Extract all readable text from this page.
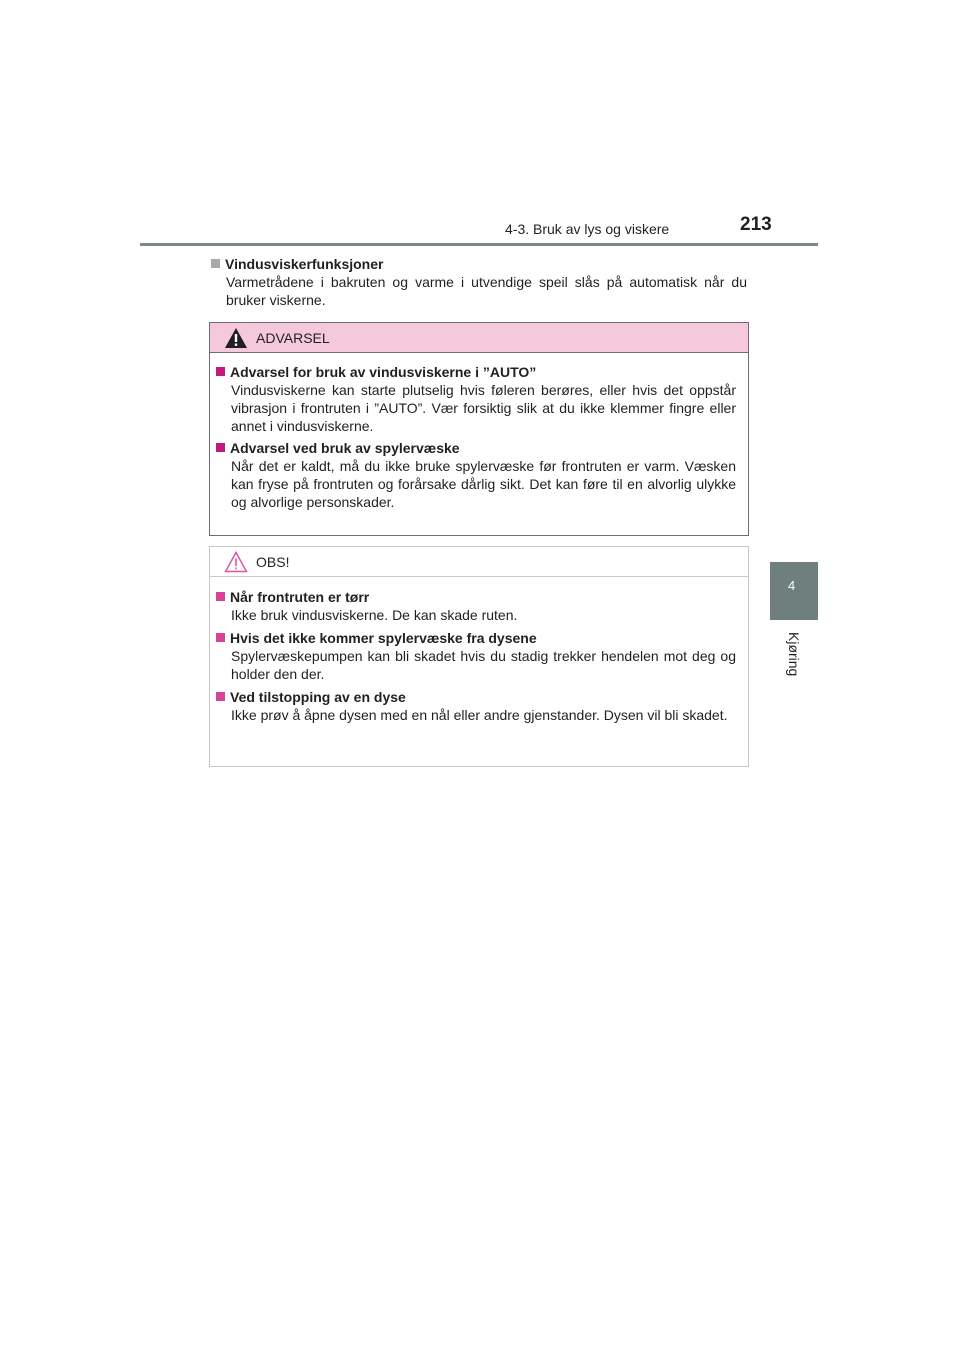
4-3. Bruk av lys og viskere	213
4
Kjøring
Vindusviskerfunksjoner
Varmetrådene i bakruten og varme i utvendige speil slås på automatisk når du bruker viskerne.
ADVARSEL
Advarsel for bruk av vindusviskerne i ”AUTO”
Vindusviskerne kan starte plutselig hvis føleren berøres, eller hvis det oppstår vibrasjon i frontruten i ”AUTO”. Vær forsiktig slik at du ikke klemmer fingre eller annet i vindusviskerne.
Advarsel ved bruk av spylervæske
Når det er kaldt, må du ikke bruke spylervæske før frontruten er varm. Væsken kan fryse på frontruten og forårsake dårlig sikt. Det kan føre til en alvorlig ulykke og alvorlige personskader.
OBS!
Når frontruten er tørr
Ikke bruk vindusviskerne. De kan skade ruten.
Hvis det ikke kommer spylervæske fra dysene
Spylervæskepumpen kan bli skadet hvis du stadig trekker hendelen mot deg og holder den der.
Ved tilstopping av en dyse
Ikke prøv å åpne dysen med en nål eller andre gjenstander. Dysen vil bli skadet.
